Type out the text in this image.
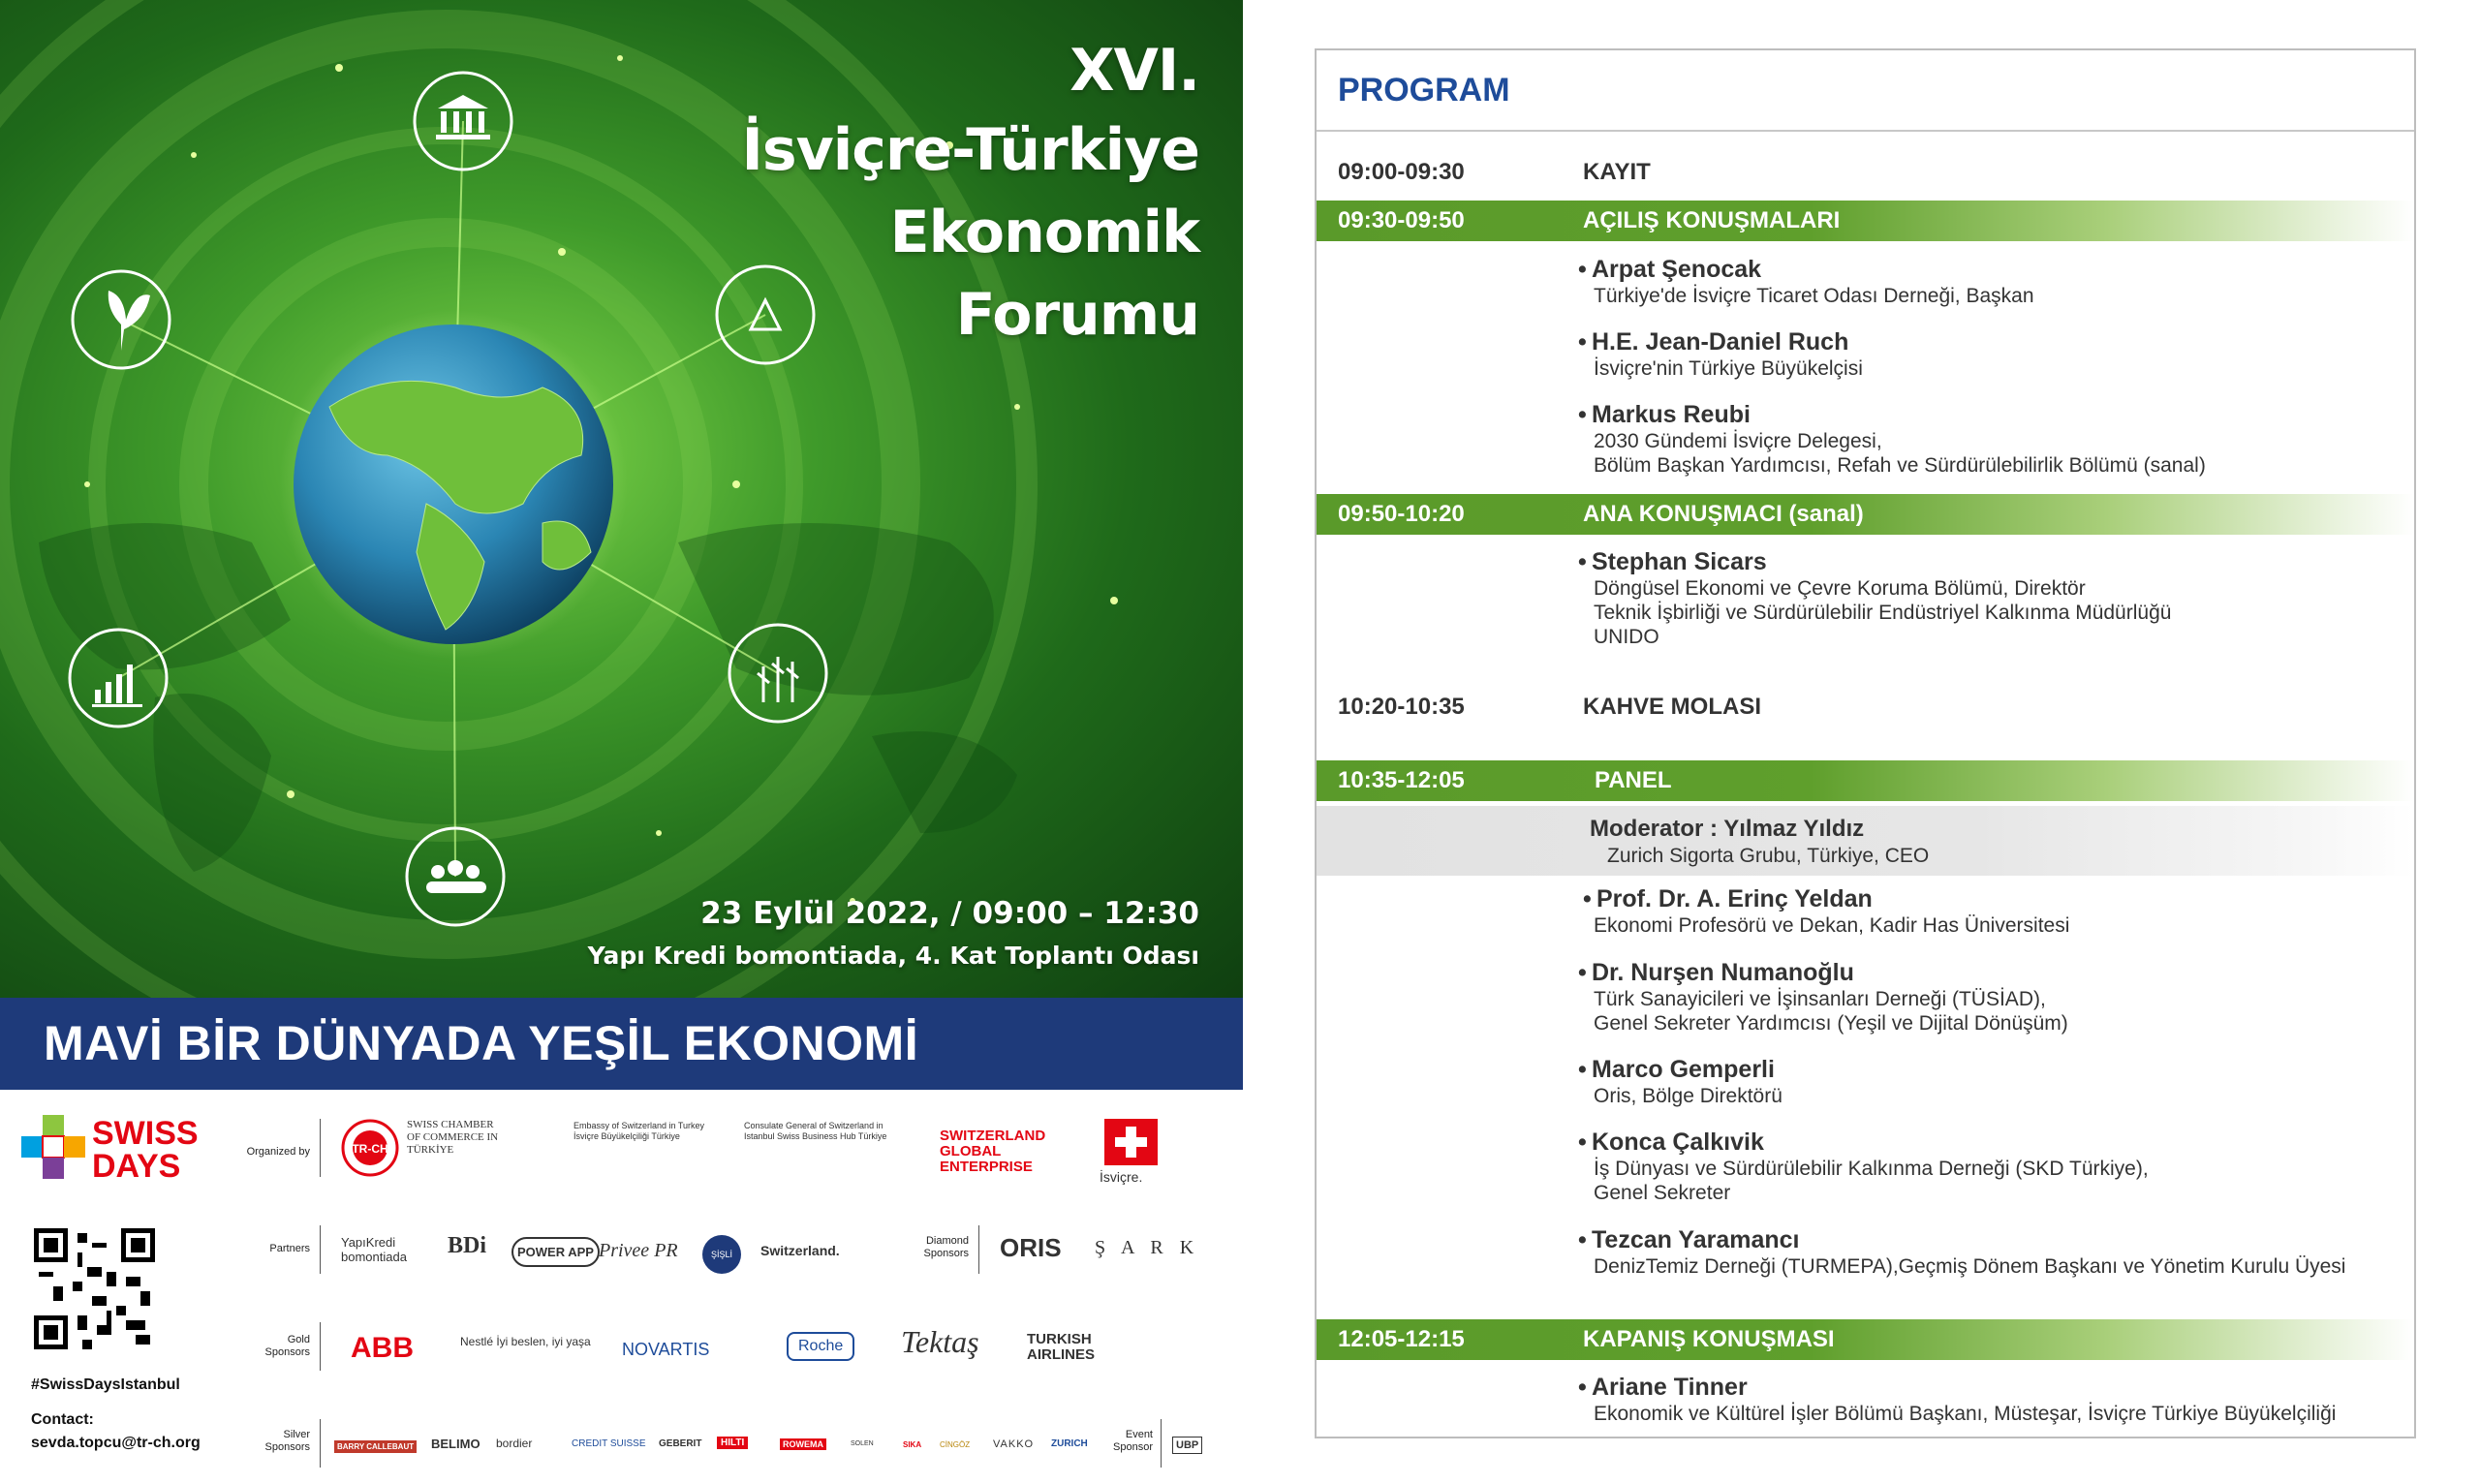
XVI.
İsviçre-Türkiye
Ekonomik
Forumu
23 Eylül 2022, / 09:00 – 12:30
Yapı Kredi bomontiada, 4. Kat Toplantı Odası
MAVİ BİR DÜNYADA YEŞİL EKONOMİ
SWISS DAYS	Organized by	TR-CH
SWISS CHAMBER OF COMMERCE IN TÜRKİYE
Embassy of Switzerland in Turkey İsviçre Büyükelçiliği Türkiye
Consulate General of Switzerland in Istanbul Swiss Business Hub Türkiye	SWITZERLAND GLOBAL ENTERPRISE
İsviçre.
Partners YapıKredi bomontiada	BDi	POWER APP Privee PR	ŞİŞLİ	Switzerland.
Diamond Sponsors ORIS Ş A R K
Gold Sponsors ABB	Nestlé İyi beslen, iyi yaşa NOVARTIS	Roche	Tektaş	TURKISH AIRLINES
Silver Sponsors	BARRY CALLEBAUT BELIMO bordier	CREDIT SUISSE GEBERIT	HILTI	ROWEMA	SOLEN	SIKA CİNGÖZ VAKKO ZURICH
Event Sponsor	UBP
#SwissDaysIstanbul
Contact:
sevda.topcu@tr-ch.org
PROGRAM
09:00-09:30	KAYIT
09:30-09:50	AÇILIŞ KONUŞMALARI
• Arpat Şenocak
Türkiye'de İsviçre Ticaret Odası Derneği, Başkan
• H.E. Jean-Daniel Ruch
İsviçre'nin Türkiye Büyükelçisi
• Markus Reubi
2030 Gündemi İsviçre Delegesi,
Bölüm Başkan Yardımcısı, Refah ve Sürdürülebilirlik Bölümü (sanal)
09:50-10:20	ANA KONUŞMACI (sanal)
• Stephan Sicars
Döngüsel Ekonomi ve Çevre Koruma Bölümü, Direktör
Teknik İşbirliği ve Sürdürülebilir Endüstriyel Kalkınma Müdürlüğü
UNIDO
10:20-10:35	KAHVE MOLASI
10:35-12:05	PANEL
Moderator : Yılmaz Yıldız
Zurich Sigorta Grubu, Türkiye, CEO
• Prof. Dr. A. Erinç Yeldan
Ekonomi Profesörü ve Dekan, Kadir Has Üniversitesi
• Dr. Nurşen Numanoğlu
Türk Sanayicileri ve İşinsanları Derneği (TÜSİAD),
Genel Sekreter Yardımcısı (Yeşil ve Dijital Dönüşüm)
• Marco Gemperli
Oris, Bölge Direktörü
• Konca Çalkıvik
İş Dünyası ve Sürdürülebilir Kalkınma Derneği (SKD Türkiye),
Genel Sekreter
• Tezcan Yaramancı
DenizTemiz Derneği (TURMEPA),Geçmiş Dönem Başkanı ve Yönetim Kurulu Üyesi
12:05-12:15	KAPANIŞ KONUŞMASI
• Ariane Tinner
Ekonomik ve Kültürel İşler Bölümü Başkanı, Müsteşar, İsviçre Türkiye Büyükelçiliği
